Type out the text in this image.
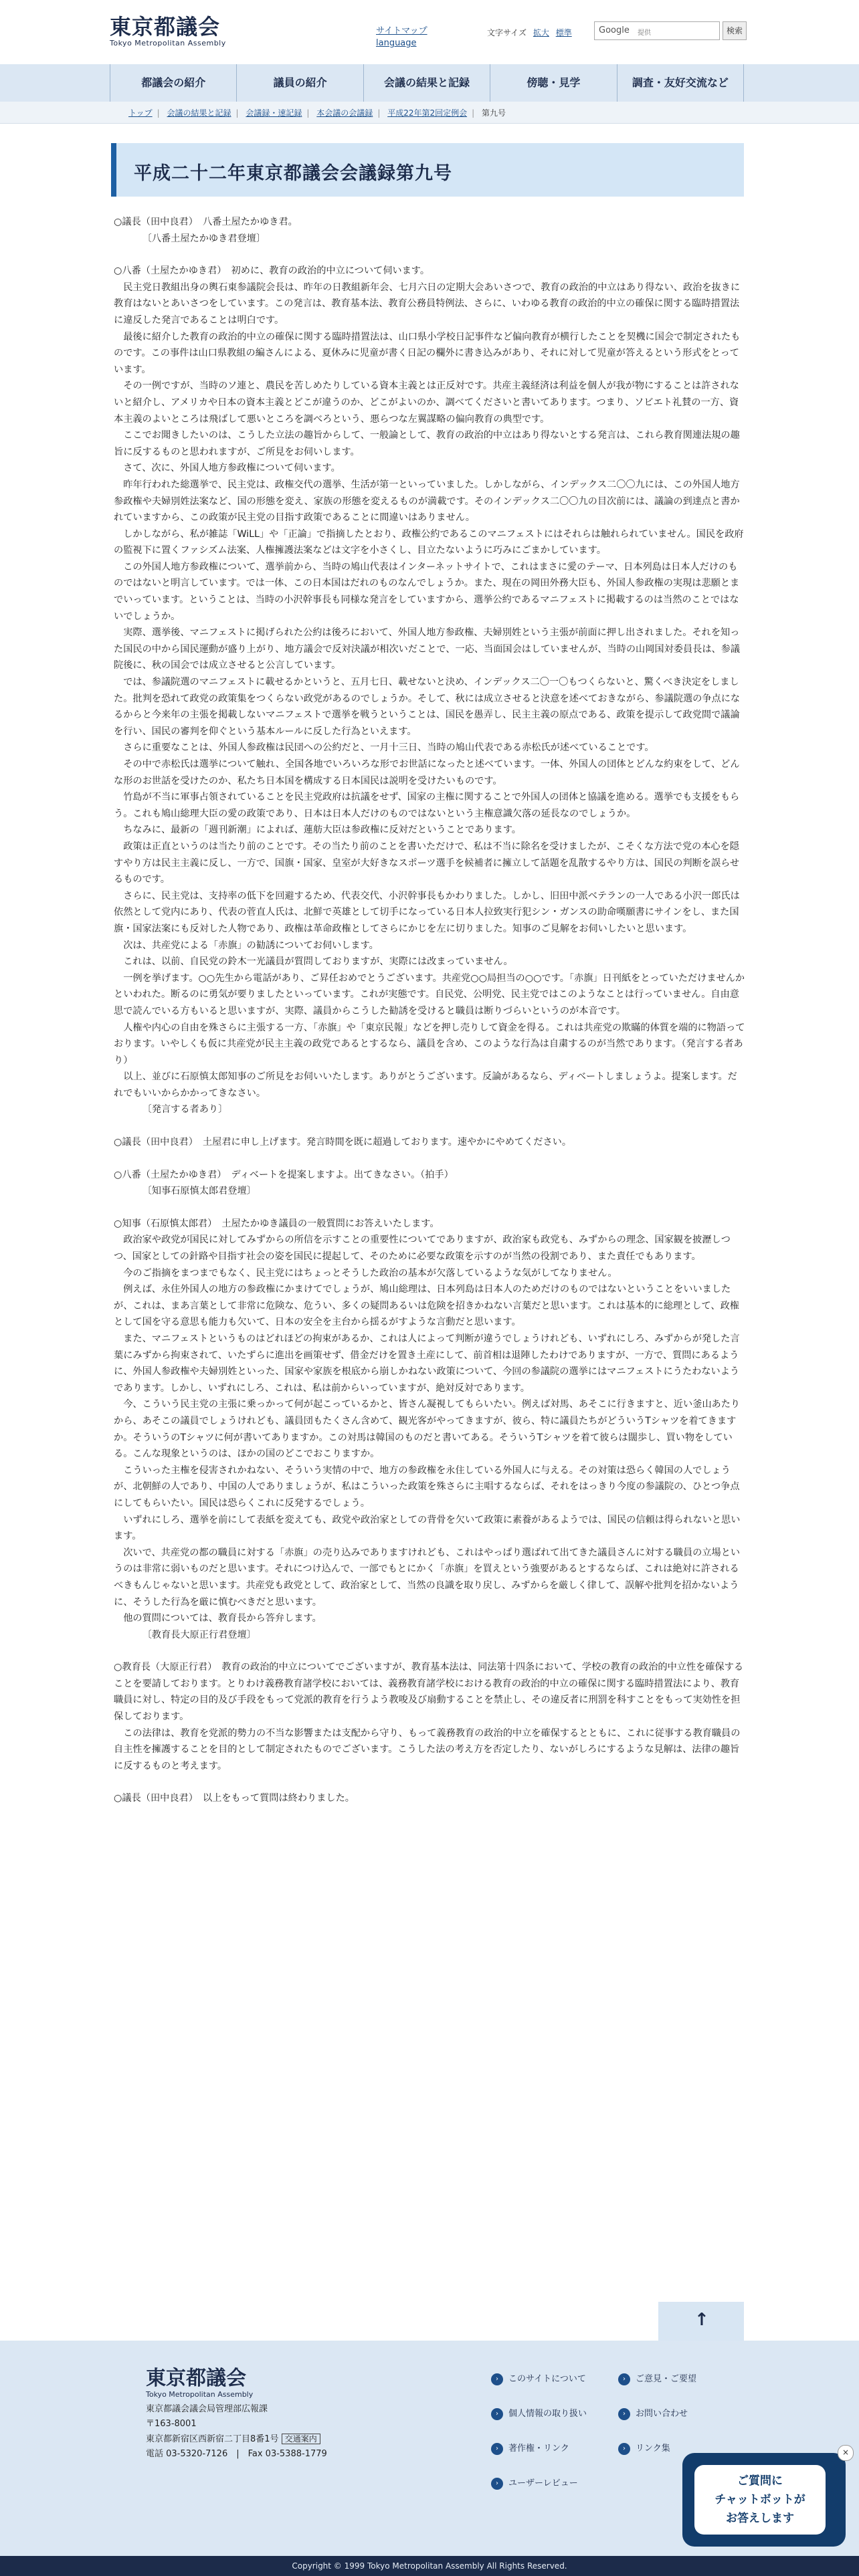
東京都議会
Tokyo Metropolitan Assembly
サイトマップ
language
文字サイズ 拡大 標準	Google 提供	検索
都議会の紹介	議員の紹介	会議の結果と記録	傍聴・見学	調査・友好交流など
トップ | 会議の結果と記録 | 会議録・速記録 | 本会議の会議録 | 平成22年第2回定例会 | 第九号
平成二十二年東京都議会会議録第九号

○議長（田中良君）　八番土屋たかゆき君。

〔八番土屋たかゆき君登壇〕

○八番（土屋たかゆき君）　初めに、教育の政治的中立について伺います。

民主党日教組出身の輿石東参議院会長は、昨年の日教組新年会、七月六日の定期大会あいさつで、教育の政治的中立はあり得ない、政治を抜きに教育はないとあいさつをしています。この発言は、教育基本法、教育公務員特例法、さらに、いわゆる教育の政治的中立の確保に関する臨時措置法に違反した発言であることは明白です。

最後に紹介した教育の政治的中立の確保に関する臨時措置法は、山口県小学校日記事件など偏向教育が横行したことを契機に国会で制定されたものです。この事件は山口県教組の編さんによる、夏休みに児童が書く日記の欄外に書き込みがあり、それに対して児童が答えるという形式をとっています。

その一例ですが、当時のソ連と、農民を苦しめたりしている資本主義とは正反対です。共産主義経済は利益を個人が我が物にすることは許されないと紹介し、アメリカや日本の資本主義とどこが違うのか、どこがよいのか、調べてくださいと書いてあります。つまり、ソビエト礼賛の一方、資本主義のよいところは飛ばして悪いところを調べろという、悪らつな左翼謀略の偏向教育の典型です。

ここでお聞きしたいのは、こうした立法の趣旨からして、一般論として、教育の政治的中立はあり得ないとする発言は、これら教育関連法規の趣旨に反するものと思われますが、ご所見をお伺いします。

さて、次に、外国人地方参政権について伺います。

昨年行われた総選挙で、民主党は、政権交代の選挙、生活が第一といっていました。しかしながら、インデックス二〇〇九には、この外国人地方参政権や夫婦別姓法案など、国の形態を変え、家族の形態を変えるものが満載です。そのインデックス二〇〇九の目次前には、議論の到達点と書かれていますから、この政策が民主党の目指す政策であることに間違いはありません。

しかしながら、私が雑誌「WiLL」や「正論」で指摘したとおり、政権公約であるこのマニフェストにはそれらは触れられていません。国民を政府の監視下に置くファシズム法案、人権擁護法案などは文字を小さくし、目立たないように巧みにごまかしています。

この外国人地方参政権について、選挙前から、当時の鳩山代表はインターネットサイトで、これはまさに愛のテーマ、日本列島は日本人だけのものではないと明言しています。では一体、この日本国はだれのものなんでしょうか。また、現在の岡田外務大臣も、外国人参政権の実現は悲願とまでいっています。ということは、当時の小沢幹事長も同様な発言をしていますから、選挙公約であるマニフェストに掲載するのは当然のことではないでしょうか。

実際、選挙後、マニフェストに掲げられた公約は後ろにおいて、外国人地方参政権、夫婦別姓という主張が前面に押し出されました。それを知った国民の中から国民運動が盛り上がり、地方議会で反対決議が相次いだことで、一応、当面国会はしていませんが、当時の山岡国対委員長は、参議院後に、秋の国会では成立させると公言しています。

では、参議院選のマニフェストに載せるかというと、五月七日、載せないと決め、インデックス二〇一〇もつくらないと、驚くべき決定をしました。批判を恐れて政党の政策集をつくらない政党があるのでしょうか。そして、秋には成立させると決意を述べておきながら、参議院選の争点になるからと今来年の主張を掲載しないマニフェストで選挙を戦うということは、国民を愚弄し、民主主義の原点である、政策を提示して政党間で議論を行い、国民の審判を仰ぐという基本ルールに反した行為といえます。

さらに重要なことは、外国人参政権は民団への公約だと、一月十三日、当時の鳩山代表である赤松氏が述べていることです。

その中で赤松氏は選挙について触れ、全国各地でいろいろな形でお世話になったと述べています。一体、外国人の団体とどんな約束をして、どんな形のお世話を受けたのか、私たち日本国を構成する日本国民は説明を受けたいものです。

竹島が不当に軍事占領されていることを民主党政府は抗議をせず、国家の主権に関することで外国人の団体と協議を進める。選挙でも支援をもらう。これも鳩山総理大臣の愛の政策であり、日本は日本人だけのものではないという主権意識欠落の延長なのでしょうか。

ちなみに、最新の「週刊新潮」によれば、蓮舫大臣は参政権に反対だということであります。

政策は正直というのは当たり前のことです。その当たり前のことを書いただけで、私は不当に除名を受けましたが、こそくな方法で党の本心を隠すやり方は民主主義に反し、一方で、国旗・国家、皇室が大好きなスポーツ選手を候補者に擁立して話題を乱散するやり方は、国民の判断を誤らせるものです。

さらに、民主党は、支持率の低下を回避するため、代表交代、小沢幹事長もかわりました。しかし、旧田中派ベテランの一人である小沢一郎氏は依然として党内にあり、代表の菅直人氏は、北鮮で英雄として切手になっている日本人拉致実行犯シン・ガンスの助命嘆願書にサインをし、また国旗・国家法案にも反対した人物であり、政権は革命政権としてさらにかじを左に切りました。知事のご見解をお伺いしたいと思います。

次は、共産党による「赤旗」の勧誘についてお伺いします。

これは、以前、自民党の鈴木一光議員が質問しておりますが、実際には改まっていません。

一例を挙げます。○○先生から電話があり、ご昇任おめでとうございます。共産党○○局担当の○○です。「赤旗」日刊紙をとっていただけませんかといわれた。断るのに勇気が要りましたといっています。これが実態です。自民党、公明党、民主党ではこのようなことは行っていません。自由意思で読んでいる方もいると思いますが、実際、議員からこうした勧誘を受けると職員は断りづらいというのが本音です。

人権や内心の自由を殊さらに主張する一方、「赤旗」や「東京民報」などを押し売りして資金を得る。これは共産党の欺瞞的体質を端的に物語っております。いやしくも仮に共産党が民主主義の政党であるとするなら、議員を含め、このような行為は自粛するのが当然であります。（発言する者あり）

以上、並びに石原慎太郎知事のご所見をお伺いいたします。ありがとうございます。反論があるなら、ディベートしましょうよ。提案します。だれでもいいからかかってきなさい。

〔発言する者あり〕

○議長（田中良君）　土屋君に申し上げます。発言時間を既に超過しております。速やかにやめてください。

○八番（土屋たかゆき君）　ディベートを提案しますよ。出てきなさい。（拍手）

〔知事石原慎太郎君登壇〕

○知事（石原慎太郎君）　土屋たかゆき議員の一般質問にお答えいたします。

政治家や政党が国民に対してみずからの所信を示すことの重要性についてでありますが、政治家も政党も、みずからの理念、国家観を披瀝しつつ、国家としての針路や目指す社会の姿を国民に提起して、そのために必要な政策を示すのが当然の役割であり、また責任でもあります。

今のご指摘をまつまでもなく、民主党にはちょっとそうした政治の基本が欠落しているような気がしてなりません。

例えば、永住外国人の地方の参政権にかまけてでしょうが、鳩山総理は、日本列島は日本人のためだけのものではないということをいいましたが、これは、まあ言葉として非常に危険な、危うい、多くの疑問あるいは危険を招きかねない言葉だと思います。これは基本的に総理として、政権として国を守る意思も能力も欠いて、日本の安全を主台から揺るがすような言動だと思います。

また、マニフェストというものはどれほどの拘束があるか、これは人によって判断が違うでしょうけれども、いずれにしろ、みずからが発した言葉にみずから拘束されて、いたずらに進出を画策せず、借金だけを置き土産にして、前首相は退陣したわけでありますが、一方で、質問にあるように、外国人参政権や夫婦別姓といった、国家や家族を根底から崩しかねない政策について、今回の参議院の選挙にはマニフェストにうたわないようであります。しかし、いずれにしろ、これは、私は前からいっていますが、絶対反対であります。

今、こういう民主党の主張に乗っかって何が起こっているかと、皆さん凝視してもらいたい。例えば対馬、あそこに行きますと、近い釜山あたりから、あそこの議員でしょうけれども、議員団もたくさん含めて、観光客がやってきますが、彼ら、特に議員たちがどういうTシャツを着てきますか。そういうのTシャツに何が書いてありますか。この対馬は韓国のものだと書いてある。そういうTシャツを着て彼らは闊歩し、買い物をしている。こんな現象というのは、ほかの国のどこでおこりますか。

こういった主権を侵害されかねない、そういう実情の中で、地方の参政権を永住している外国人に与える。その対策は恐らく韓国の人でしょうが、北朝鮮の人であり、中国の人でありましょうが、私はこういった政策を殊さらに主唱するならば、それをはっきり今度の参議院の、ひとつ争点にしてもらいたい。国民は恐らくこれに反発するでしょう。

いずれにしろ、選挙を前にして表紙を変えても、政党や政治家としての背骨を欠いて政策に素養があるようでは、国民の信頼は得られないと思います。

次いで、共産党の都の職員に対する「赤旗」の売り込みでありますけれども、これはやっぱり選ばれて出てきた議員さんに対する職員の立場というのは非常に弱いものだと思います。それにつけ込んで、一部でもとにかく「赤旗」を買えという強要があるとするならば、これは絶対に許されるべきもんじゃないと思います。共産党も政党として、政治家として、当然の良識を取り戻し、みずからを厳しく律して、誤解や批判を招かないように、そうした行為を厳に慎むべきだと思います。

他の質問については、教育長から答弁します。

〔教育長大原正行君登壇〕

○教育長（大原正行君）　教育の政治的中立についてでございますが、教育基本法は、同法第十四条において、学校の教育の政治的中立性を確保することを要請しております。とりわけ義務教育諸学校においては、義務教育諸学校における教育の政治的中立の確保に関する臨時措置法により、教育職員に対し、特定の目的及び手段をもって党派的教育を行うよう教唆及び扇動することを禁止し、その違反者に刑罰を科すことをもって実効性を担保しております。

この法律は、教育を党派的勢力の不当な影響または支配から守り、もって義務教育の政治的中立を確保するとともに、これに従事する教育職員の自主性を擁護することを目的として制定されたものでございます。こうした法の考え方を否定したり、ないがしろにするような見解は、法律の趣旨に反するものと考えます。

○議長（田中良君）　以上をもって質問は終わりました。

↑
東京都議会
Tokyo Metropolitan Assembly
東京都議会議会局管理部広報課
〒163-8001
東京都新宿区西新宿二丁目8番1号 交通案内
電話 03-5320-7126　|　Fax 03-5388-1779
› このサイトについて	› ご意見・ご要望
› 個人情報の取り扱い	› お問い合わせ
› 著作権・リンク	› リンク集
› ユーザーレビュー	ご質問に
チャットボットが
お答えします
×
Copyright © 1999 Tokyo Metropolitan Assembly All Rights Reserved.
